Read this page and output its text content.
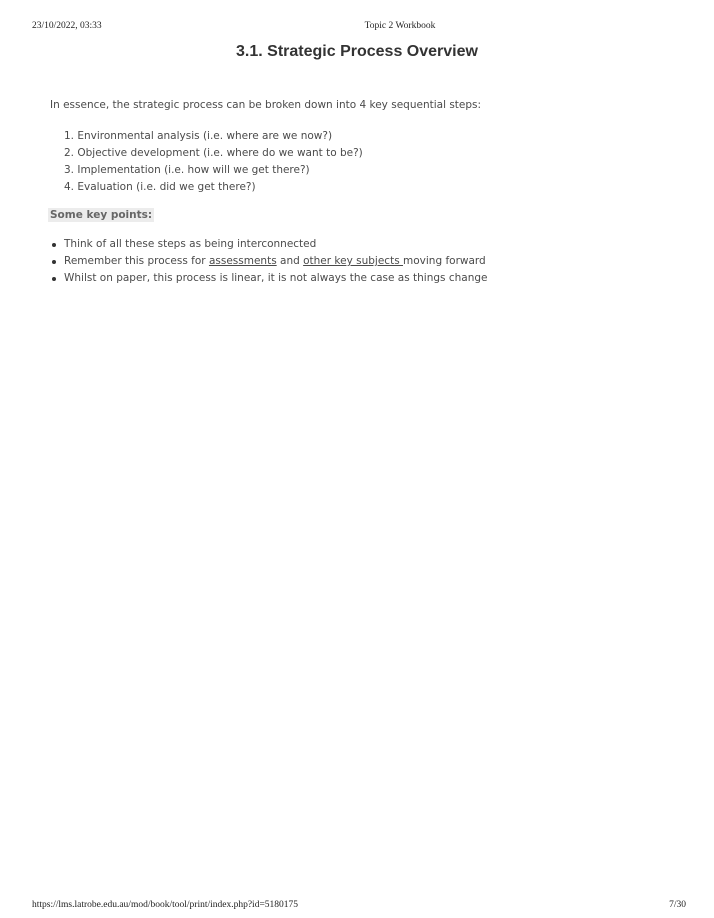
23/10/2022, 03:33	Topic 2 Workbook
3.1. Strategic Process Overview

In essence, the strategic process can be broken down into 4 key sequential steps:

1. Environmental analysis (i.e. where are we now?)
2. Objective development (i.e. where do we want to be?)
3. Implementation (i.e. how will we get there?)
4. Evaluation (i.e. did we get there?)

Some key points:

Think of all these steps as being interconnected
Remember this process for assessments and other key subjects moving forward
Whilst on paper, this process is linear, it is not always the case as things change
https://lms.latrobe.edu.au/mod/book/tool/print/index.php?id=5180175	7/30
